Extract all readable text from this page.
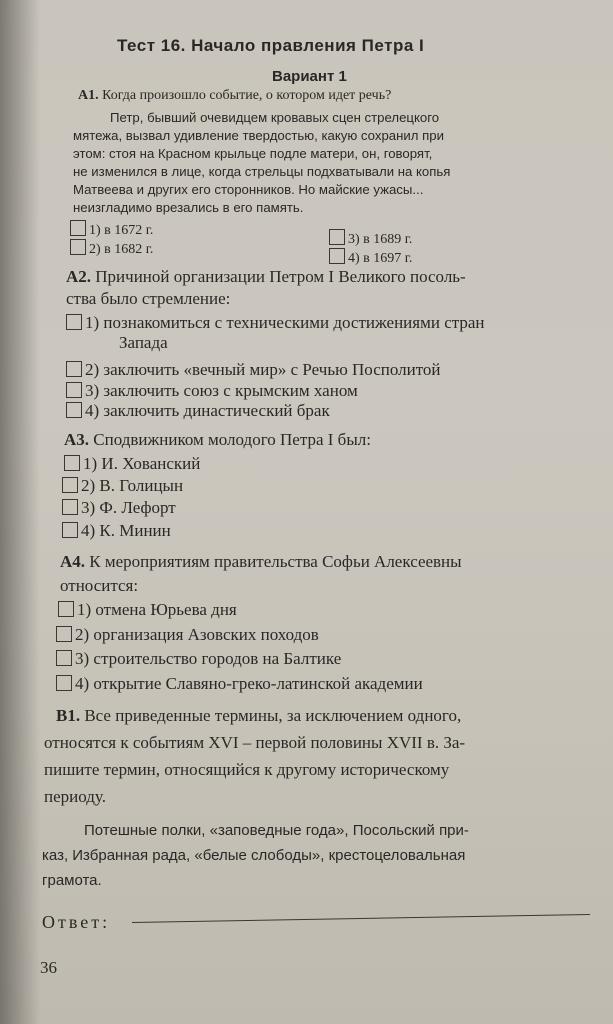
Тест 16. Начало правления Петра I
Вариант 1
А1. Когда произошло событие, о котором идет речь?
Петр, бывший очевидцем кровавых сцен стрелецкого
мятежа, вызвал удивление твердостью, какую сохранил при
этом: стоя на Красном крыльце подле матери, он, говорят,
не изменился в лице, когда стрельцы подхватывали на копья
Матвеева и других его сторонников. Но майские ужасы...
неизгладимо врезались в его память.
1) в 1672 г.
2) в 1682 г.
3) в 1689 г.
4) в 1697 г.
А2. Причиной организации Петром I Великого посоль-
ства было стремление:
1) познакомиться с техническими достижениями стран
Запада
2) заключить «вечный мир» с Речью Посполитой
3) заключить союз с крымским ханом
4) заключить династический брак
А3. Сподвижником молодого Петра I был:
1) И. Хованский
2) В. Голицын
3) Ф. Лефорт
4) К. Минин
А4. К мероприятиям правительства Софьи Алексеевны
относится:
1) отмена Юрьева дня
2) организация Азовских походов
3) строительство городов на Балтике
4) открытие Славяно-греко-латинской академии
В1. Все приведенные термины, за исключением одного,
относятся к событиям XVI – первой половины XVII в. За-
пишите термин, относящийся к другому историческому
периоду.
Потешные полки, «заповедные года», Посольский при-
каз, Избранная рада, «белые слободы», крестоцеловальная
грамота.
Ответ:
36
